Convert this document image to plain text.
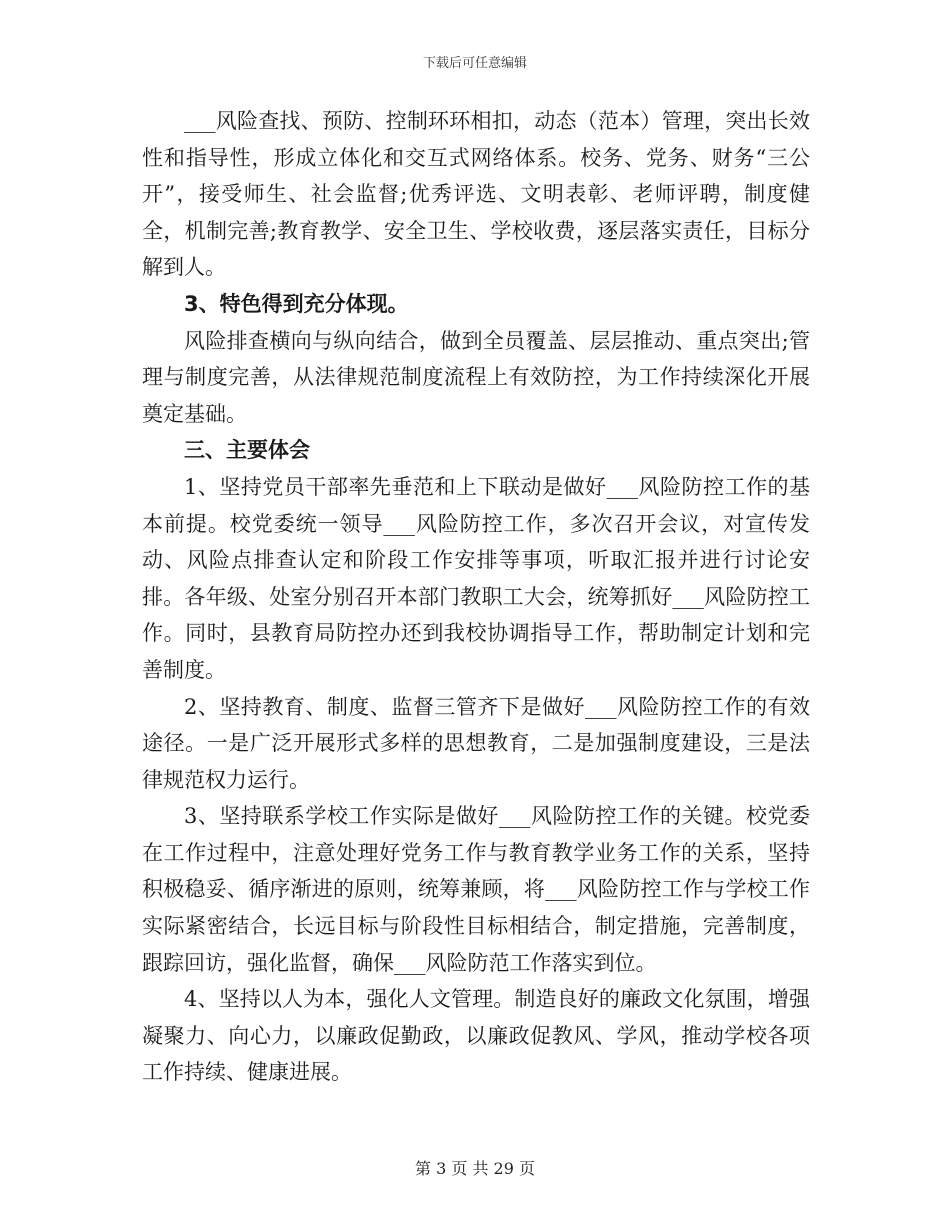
下载后可任意编辑

___风险查找、预防、控制环环相扣，动态（范本）管理，突出长效性和指导性，形成立体化和交互式网络体系。校务、党务、财务“三公开”，接受师生、社会监督;优秀评选、文明表彰、老师评聘，制度健全，机制完善;教育教学、安全卫生、学校收费，逐层落实责任，目标分解到人。

3、特色得到充分体现。

风险排查横向与纵向结合，做到全员覆盖、层层推动、重点突出;管理与制度完善，从法律规范制度流程上有效防控，为工作持续深化开展奠定基础。

三、主要体会

1、坚持党员干部率先垂范和上下联动是做好___风险防控工作的基本前提。校党委统一领导___风险防控工作，多次召开会议，对宣传发动、风险点排查认定和阶段工作安排等事项，听取汇报并进行讨论安排。各年级、处室分别召开本部门教职工大会，统筹抓好___风险防控工作。同时，县教育局防控办还到我校协调指导工作，帮助制定计划和完善制度。

2、坚持教育、制度、监督三管齐下是做好___风险防控工作的有效途径。一是广泛开展形式多样的思想教育，二是加强制度建设，三是法律规范权力运行。

3、坚持联系学校工作实际是做好___风险防控工作的关键。校党委在工作过程中，注意处理好党务工作与教育教学业务工作的关系，坚持积极稳妥、循序渐进的原则，统筹兼顾，将___风险防控工作与学校工作实际紧密结合，长远目标与阶段性目标相结合，制定措施，完善制度，跟踪回访，强化监督，确保___风险防范工作落实到位。

4、坚持以人为本，强化人文管理。制造良好的廉政文化氛围，增强凝聚力、向心力，以廉政促勤政，以廉政促教风、学风，推动学校各项工作持续、健康进展。

第 3 页 共 29 页
